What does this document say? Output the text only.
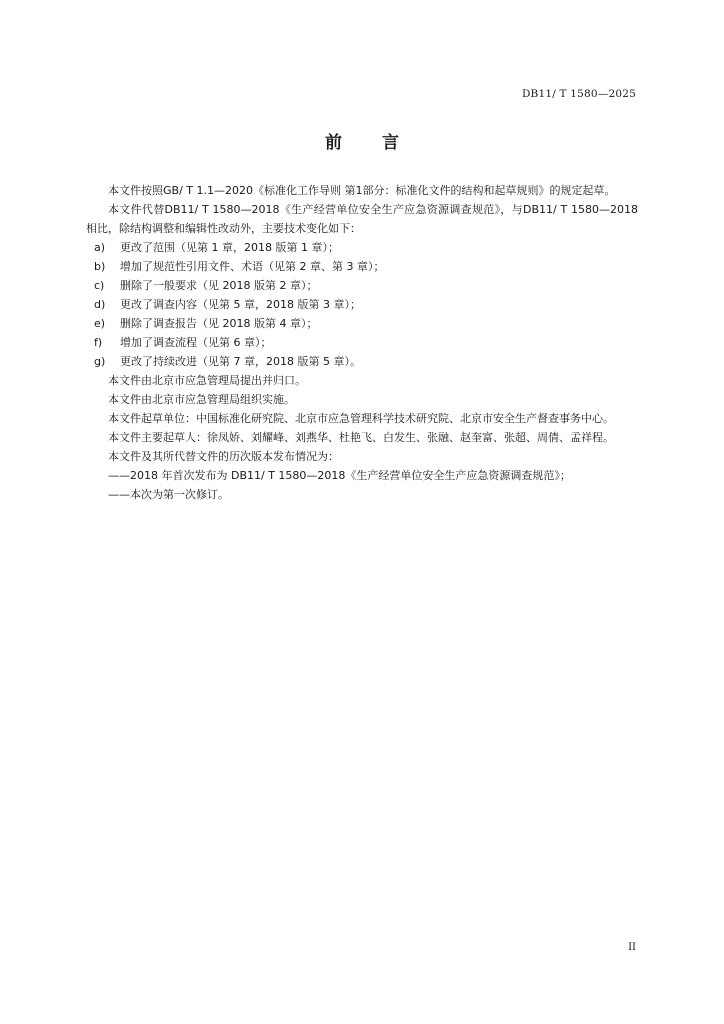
DB11/ T 1580—2025
前言

本文件按照GB/ T 1.1—2020《标准化工作导则 第1部分：标准化文件的结构和起草规则》的规定起草。

本文件代替DB11/ T 1580—2018《生产经营单位安全生产应急资源调查规范》，与DB11/ T 1580—2018相比，除结构调整和编辑性改动外，主要技术变化如下：

a)	更改了范围（见第 1 章，2018 版第 1 章）；

b)	增加了规范性引用文件、术语（见第 2 章、第 3 章）；

c)	删除了一般要求（见 2018 版第 2 章）；

d)	更改了调查内容（见第 5 章，2018 版第 3 章）；

e)	删除了调查报告（见 2018 版第 4 章）；

f)	增加了调查流程（见第 6 章）；

g)	更改了持续改进（见第 7 章，2018 版第 5 章）。

本文件由北京市应急管理局提出并归口。

本文件由北京市应急管理局组织实施。

本文件起草单位：中国标准化研究院、北京市应急管理科学技术研究院、北京市安全生产督查事务中心。

本文件主要起草人：徐凤娇、刘耀峰、刘燕华、杜艳飞、白发生、张融、赵奎富、张超、周倩、孟祥程。

本文件及其所代替文件的历次版本发布情况为：

——2018 年首次发布为 DB11/ T 1580—2018《生产经营单位安全生产应急资源调查规范》；

——本次为第一次修订。

II
